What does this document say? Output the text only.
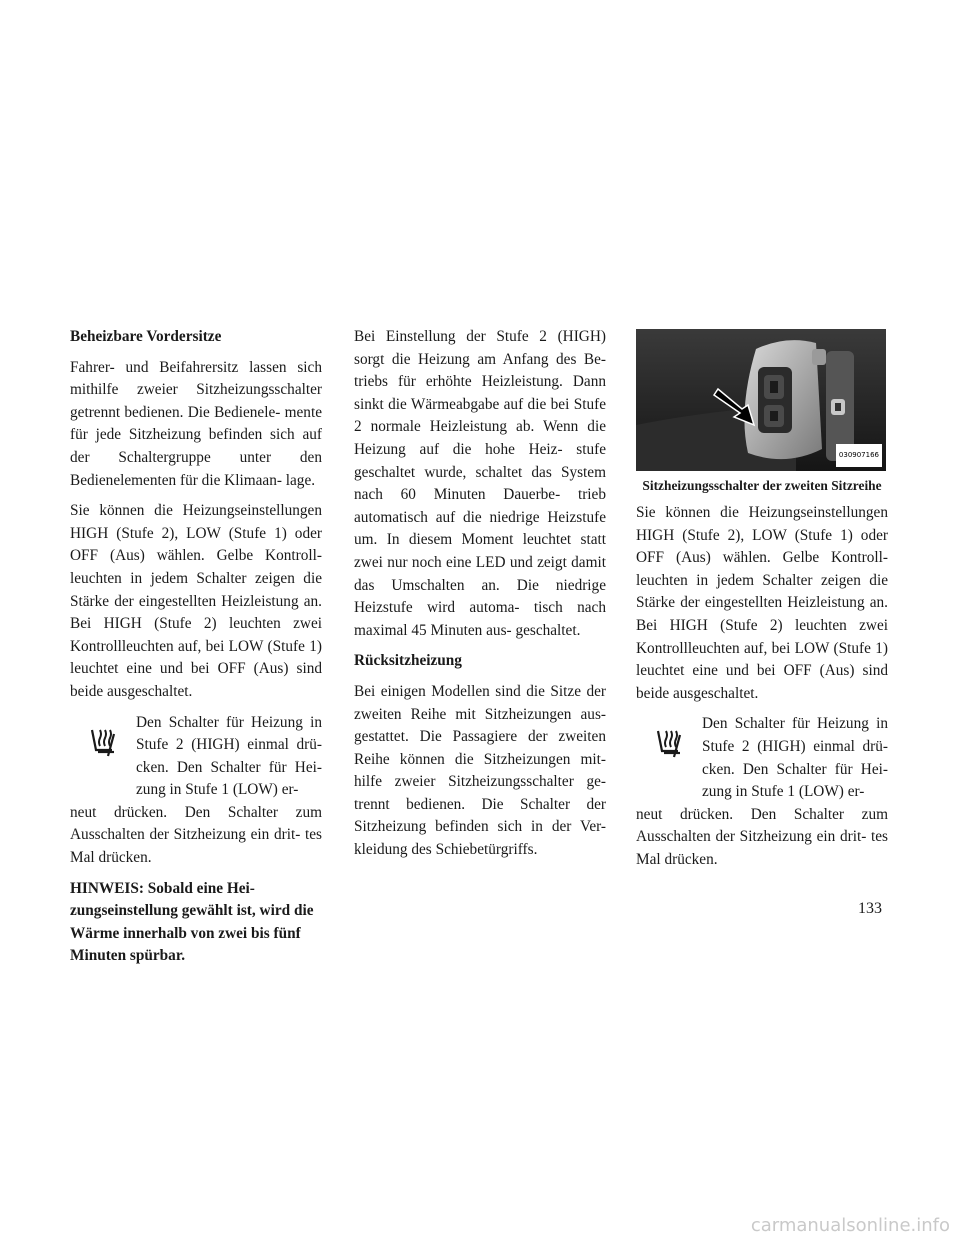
Beheizbare Vordersitze

Fahrer- und Beifahrersitz lassen sich mithilfe zweier Sitzheizungsschalter getrennt bedienen. Die Bedienele- mente für jede Sitzheizung befinden sich auf der Schaltergruppe unter den Bedienelementen für die Klimaan- lage.

Sie können die Heizungseinstellungen HIGH (Stufe 2), LOW (Stufe 1) oder OFF (Aus) wählen. Gelbe Kontroll- leuchten in jedem Schalter zeigen die Stärke der eingestellten Heizleistung an. Bei HIGH (Stufe 2) leuchten zwei Kontrollleuchten auf, bei LOW (Stufe 1) leuchtet eine und bei OFF (Aus) sind beide ausgeschaltet.

Den Schalter für Heizung in Stufe 2 (HIGH) einmal drü- cken. Den Schalter für Hei- zung in Stufe 1 (LOW) er-

neut drücken. Den Schalter zum Ausschalten der Sitzheizung ein drit- tes Mal drücken.

HINWEIS: Sobald eine Hei- zungseinstellung gewählt ist, wird die Wärme innerhalb von zwei bis fünf Minuten spürbar.

Bei Einstellung der Stufe 2 (HIGH) sorgt die Heizung am Anfang des Be- triebs für erhöhte Heizleistung. Dann sinkt die Wärmeabgabe auf die bei Stufe 2 normale Heizleistung ab. Wenn die Heizung auf die hohe Heiz- stufe geschaltet wurde, schaltet das System nach 60 Minuten Dauerbe- trieb automatisch auf die niedrige Heizstufe um. In diesem Moment leuchtet statt zwei nur noch eine LED und zeigt damit das Umschalten an. Die niedrige Heizstufe wird automa- tisch nach maximal 45 Minuten aus- geschaltet.

Rücksitzheizung

Bei einigen Modellen sind die Sitze der zweiten Reihe mit Sitzheizungen aus- gestattet. Die Passagiere der zweiten Reihe können die Sitzheizungen mit- hilfe zweier Sitzheizungsschalter ge- trennt bedienen. Die Schalter der Sitzheizung befinden sich in der Ver- kleidung des Schiebetürgriffs.

030907166
Sitzheizungsschalter der zweiten Sitzreihe

Sie können die Heizungseinstellungen HIGH (Stufe 2), LOW (Stufe 1) oder OFF (Aus) wählen. Gelbe Kontroll- leuchten in jedem Schalter zeigen die Stärke der eingestellten Heizleistung an. Bei HIGH (Stufe 2) leuchten zwei Kontrollleuchten auf, bei LOW (Stufe 1) leuchtet eine und bei OFF (Aus) sind beide ausgeschaltet.

Den Schalter für Heizung in Stufe 2 (HIGH) einmal drü- cken. Den Schalter für Hei- zung in Stufe 1 (LOW) er-

neut drücken. Den Schalter zum Ausschalten der Sitzheizung ein drit- tes Mal drücken.

133
carmanualsonline.info
